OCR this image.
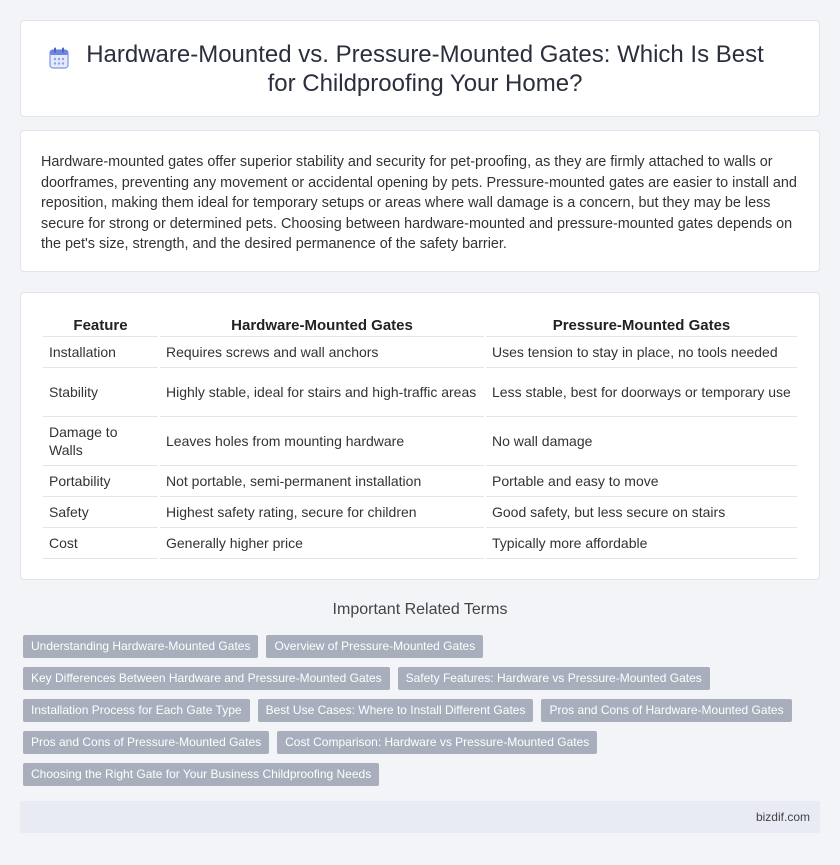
Hardware-Mounted vs. Pressure-Mounted Gates: Which Is Best for Childproofing Your Home?

Hardware-mounted gates offer superior stability and security for pet-proofing, as they are firmly attached to walls or doorframes, preventing any movement or accidental opening by pets. Pressure-mounted gates are easier to install and reposition, making them ideal for temporary setups or areas where wall damage is a concern, but they may be less secure for strong or determined pets. Choosing between hardware-mounted and pressure-mounted gates depends on the pet's size, strength, and the desired permanence of the safety barrier.

Feature	Hardware-Mounted Gates	Pressure-Mounted Gates
Installation	Requires screws and wall anchors	Uses tension to stay in place, no tools needed
Stability	Highly stable, ideal for stairs and high-traffic areas	Less stable, best for doorways or temporary use
Damage to Walls	Leaves holes from mounting hardware	No wall damage
Portability	Not portable, semi-permanent installation	Portable and easy to move
Safety	Highest safety rating, secure for children	Good safety, but less secure on stairs
Cost	Generally higher price	Typically more affordable
Important Related Terms
Understanding Hardware-Mounted Gates	Overview of Pressure-Mounted Gates
Key Differences Between Hardware and Pressure-Mounted Gates	Safety Features: Hardware vs Pressure-Mounted Gates
Installation Process for Each Gate Type	Best Use Cases: Where to Install Different Gates	Pros and Cons of Hardware-Mounted Gates
Pros and Cons of Pressure-Mounted Gates	Cost Comparison: Hardware vs Pressure-Mounted Gates
Choosing the Right Gate for Your Business Childproofing Needs
bizdif.com
